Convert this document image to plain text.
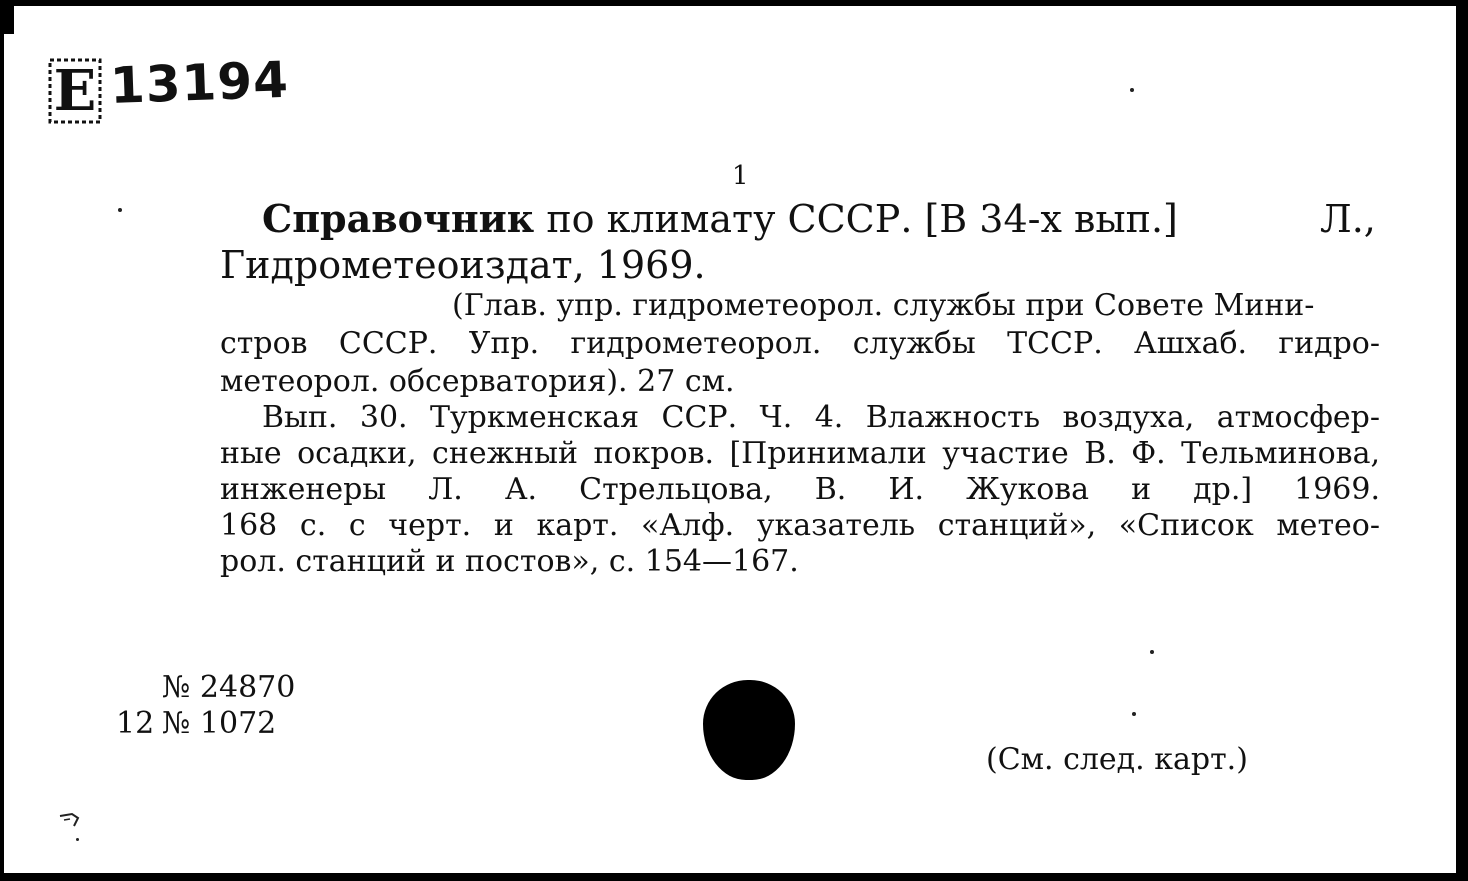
E 13194
1
Справочник по климату СССР. [В 34-х вып.]	Л.,
Гидрометеоиздат, 1969.
(Глав. упр. гидрометеорол. службы при Совете Мини-
стров СССР. Упр. гидрометеорол. службы ТССР. Ашхаб. гидро-
метеорол. обсерватория). 27 см.
Вып. 30. Туркменская ССР. Ч. 4. Влажность воздуха, атмосфер-
ные осадки, снежный покров. [Принимали участие В. Ф. Тельминова,
инженеры Л. А. Стрельцова, В. И. Жукова и др.] 1969.
168 с. с черт. и карт. «Алф. указатель станций», «Список метео-
рол. станций и постов», с. 154—167.
№ 24870
12 № 1072
(См. след. карт.)
